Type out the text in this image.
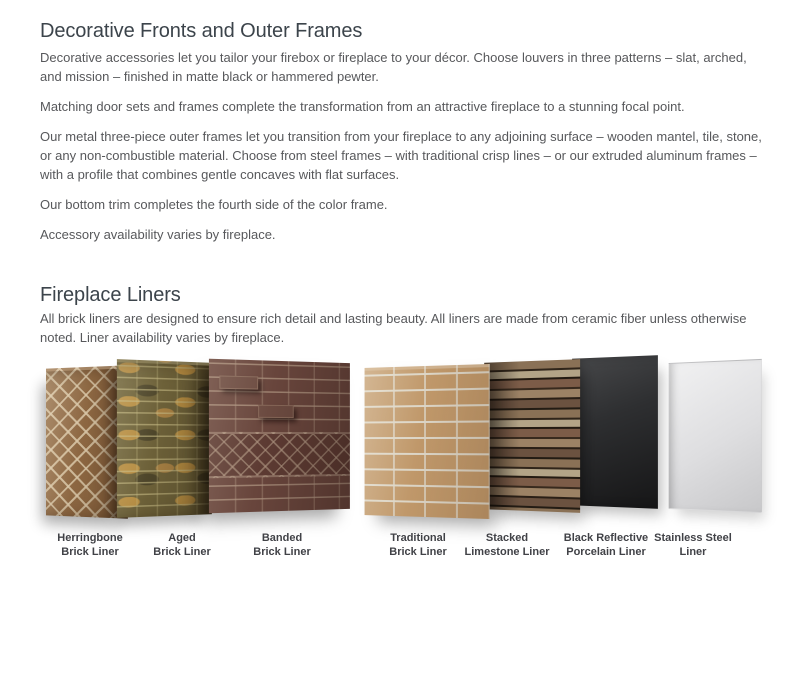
Decorative Fronts and Outer Frames

Decorative accessories let you tailor your firebox or fireplace to your décor. Choose louvers in three patterns – slat, arched, and mission – finished in matte black or hammered pewter.

Matching door sets and frames complete the transformation from an attractive fireplace to a stunning focal point.

Our metal three-piece outer frames let you transition from your fireplace to any adjoining surface – wooden mantel, tile, stone, or any non-combustible material. Choose from steel frames – with traditional crisp lines – or our extruded aluminum frames – with a profile that combines gentle concaves with flat surfaces.

Our bottom trim completes the fourth side of the color frame.

Accessory availability varies by fireplace.

Fireplace Liners

All brick liners are designed to ensure rich detail and lasting beauty. All liners are made from ceramic fiber unless otherwise noted. Liner availability varies by fireplace.

Herringbone
Brick Liner
Aged
Brick Liner
Banded
Brick Liner
Traditional
Brick Liner
Stacked
Limestone Liner
Black Reflective
Porcelain Liner
Stainless Steel
Liner
